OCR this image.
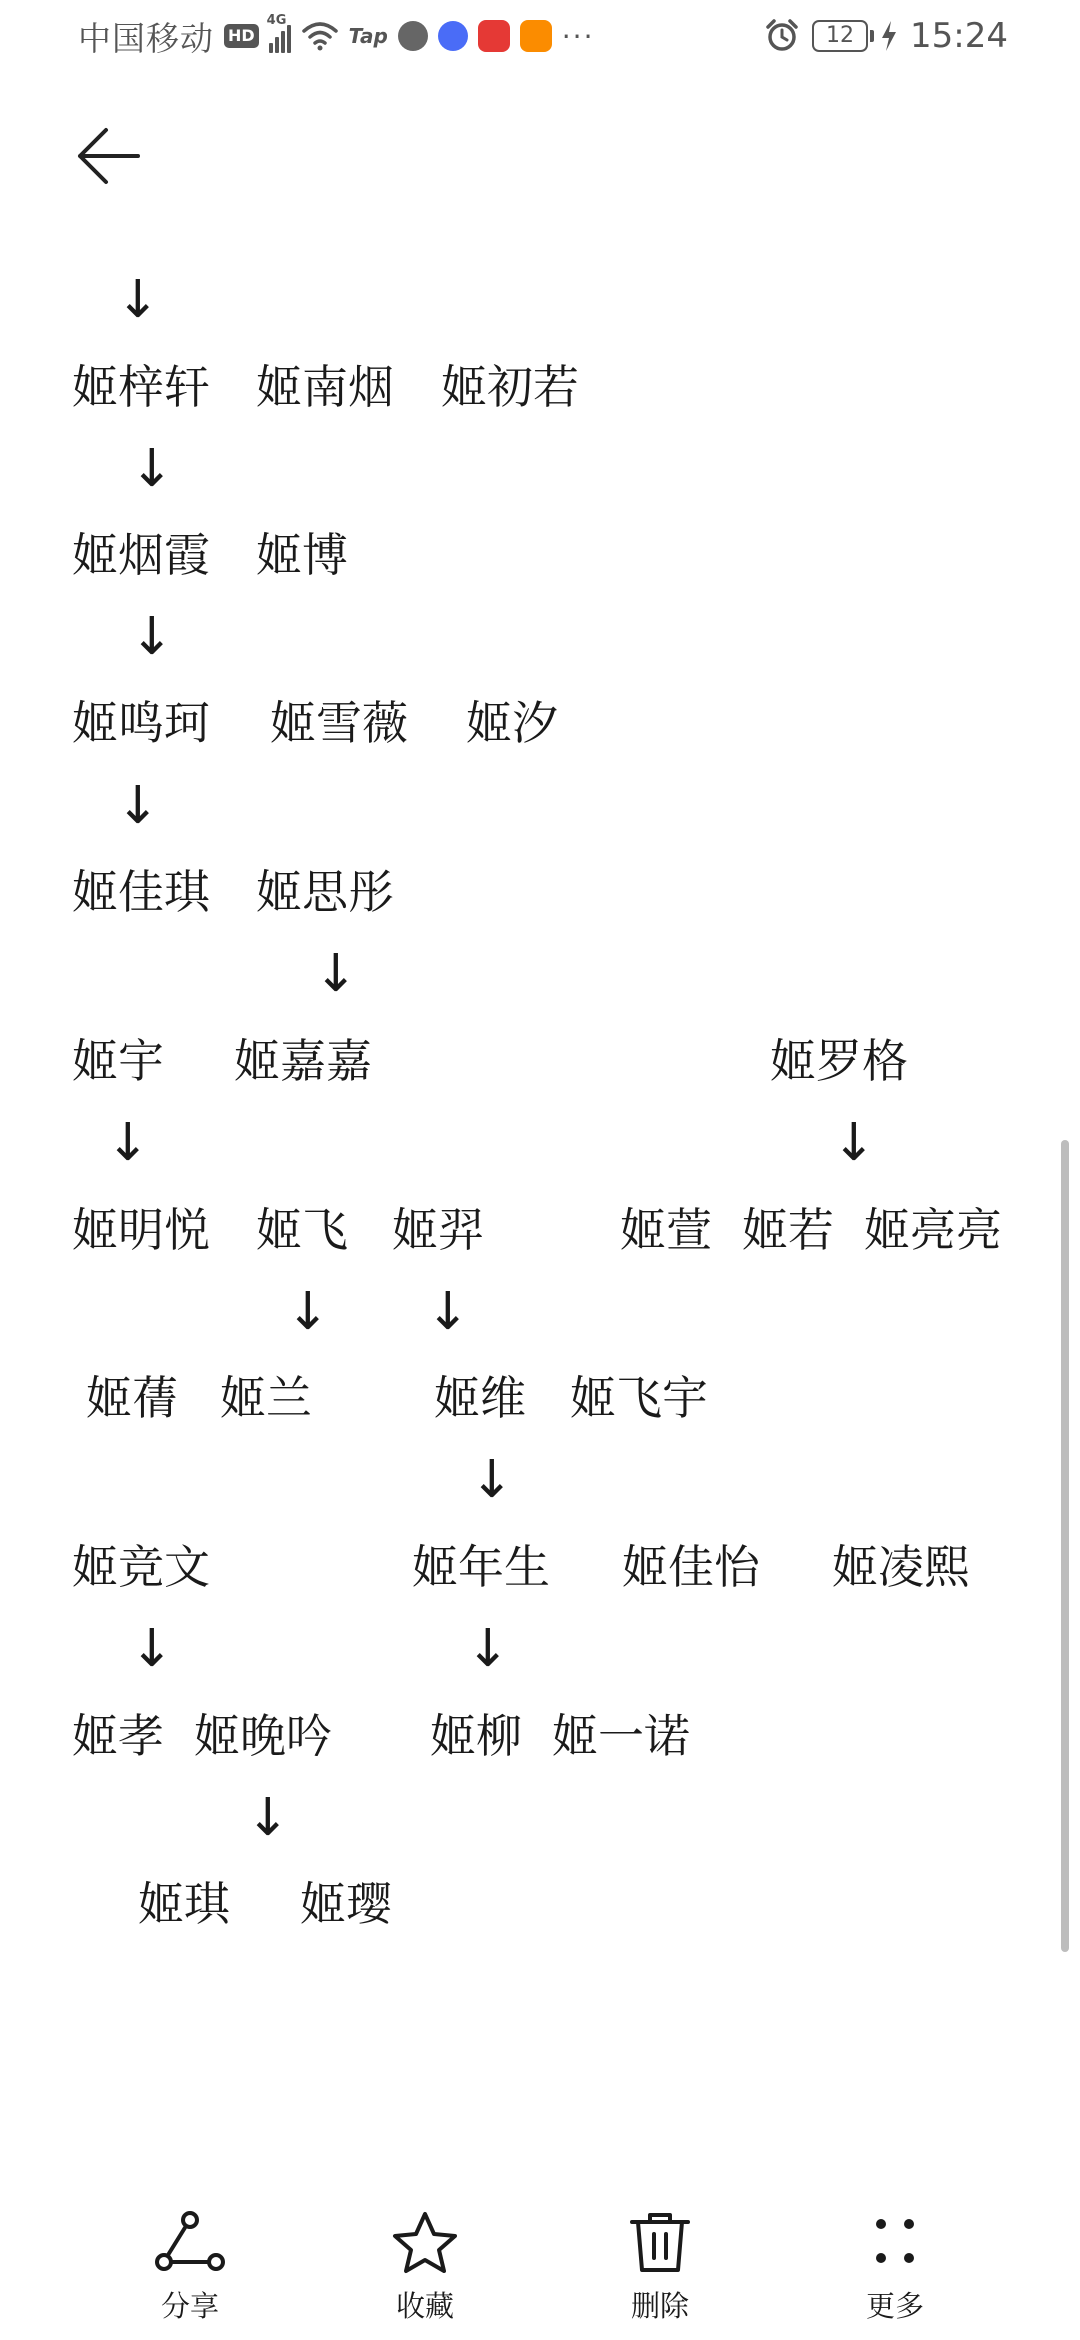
中国移动 HD
4G
Tap	···	12	15:24
↓
姬梓轩 姬南烟 姬初若
↓
姬烟霞 姬博
↓
姬鸣珂 姬雪薇 姬汐
↓
姬佳琪 姬思彤
↓
姬宇 姬嘉嘉	姬罗格
↓	↓
姬明悦 姬飞 姬羿	姬萱 姬若 姬亮亮
↓ ↓
姬蒨 姬兰	姬维 姬飞宇
↓
姬竞文	姬年生 姬佳怡 姬凌熙
↓	↓
姬孝 姬晚吟 姬柳 姬一诺
↓
姬琪 姬璎
分享	收藏	删除	更多
